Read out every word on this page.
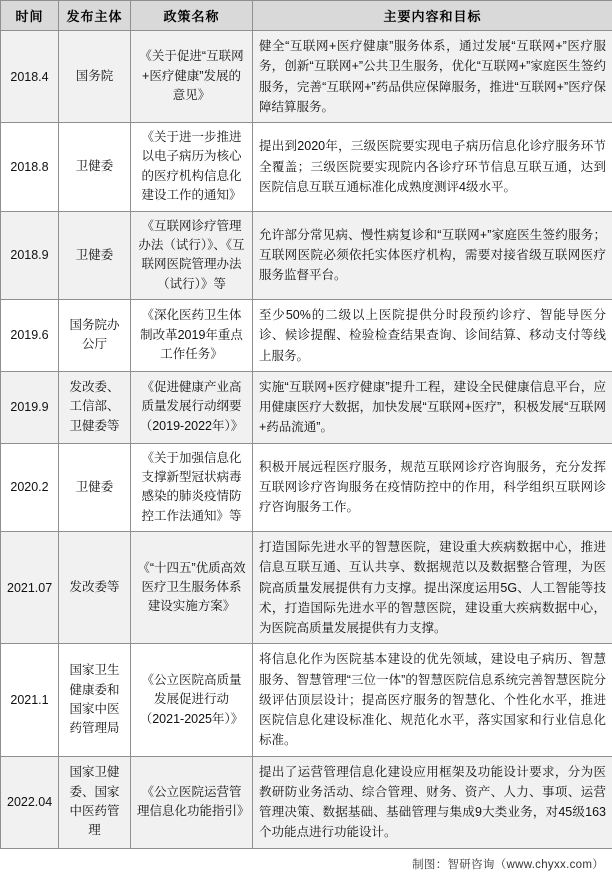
时间	发布主体	政策名称	主要内容和目标
2018.4	国务院	《关于促进“互联网+医疗健康”发展的意见》	健全“互联网+医疗健康”服务体系，通过发展“互联网+”医疗服务，创新“互联网+”公共卫生服务，优化“互联网+”家庭医生签约服务，完善“互联网+”药品供应保障服务，推进“互联网+”医疗保障结算服务。
2018.8	卫健委	《关于进一步推进以电子病历为核心的医疗机构信息化建设工作的通知》	提出到2020年，三级医院要实现电子病历信息化诊疗服务环节全覆盖；三级医院要实现院内各诊疗环节信息互联互通，达到医院信息互联互通标准化成熟度测评4级水平。
2018.9	卫健委	《互联网诊疗管理办法（试行）》、《互联网医院管理办法（试行）》等	允许部分常见病、慢性病复诊和“互联网+”家庭医生签约服务；互联网医院必须依托实体医疗机构，需要对接省级互联网医疗服务监督平台。
2019.6	国务院办公厅	《深化医药卫生体制改革2019年重点工作任务》	至少50%的二级以上医院提供分时段预约诊疗、智能导医分诊、候诊提醒、检验检查结果查询、诊间结算、移动支付等线上服务。
2019.9	发改委、工信部、卫健委等	《促进健康产业高质量发展行动纲要（2019-2022年）》	实施“互联网+医疗健康”提升工程，建设全民健康信息平台，应用健康医疗大数据，加快发展“互联网+医疗”，积极发展“互联网+药品流通”。
2020.2	卫健委	《关于加强信息化支撑新型冠状病毒感染的肺炎疫情防控工作法通知》等	积极开展远程医疗服务，规范互联网诊疗咨询服务，充分发挥互联网诊疗咨询服务在疫情防控中的作用，科学组织互联网诊疗咨询服务工作。
2021.07	发改委等	《“十四五”优质高效医疗卫生服务体系建设实施方案》	打造国际先进水平的智慧医院，建设重大疾病数据中心，推进信息互联互通、互认共享、数据规范以及数据整合管理，为医院高质量发展提供有力支撑。提出深度运用5G、人工智能等技术，打造国际先进水平的智慧医院，建设重大疾病数据中心，为医院高质量发展提供有力支撑。
2021.1	国家卫生健康委和国家中医药管理局	《公立医院高质量发展促进行动（2021-2025年）》	将信息化作为医院基本建设的优先领域，建设电子病历、智慧服务、智慧管理“三位一体”的智慧医院信息系统完善智慧医院分级评估顶层设计；提高医疗服务的智慧化、个性化水平，推进医院信息化建设标准化、规范化水平，落实国家和行业信息化标准。
2022.04	国家卫健委、国家中医药管理	《公立医院运营管理信息化功能指引》	提出了运营管理信息化建设应用框架及功能设计要求，分为医教研防业务活动、综合管理、财务、资产、人力、事项、运营管理决策、数据基础、基础管理与集成9大类业务，对45级163个功能点进行功能设计。
制图：智研咨询（www.chyxx.com）
